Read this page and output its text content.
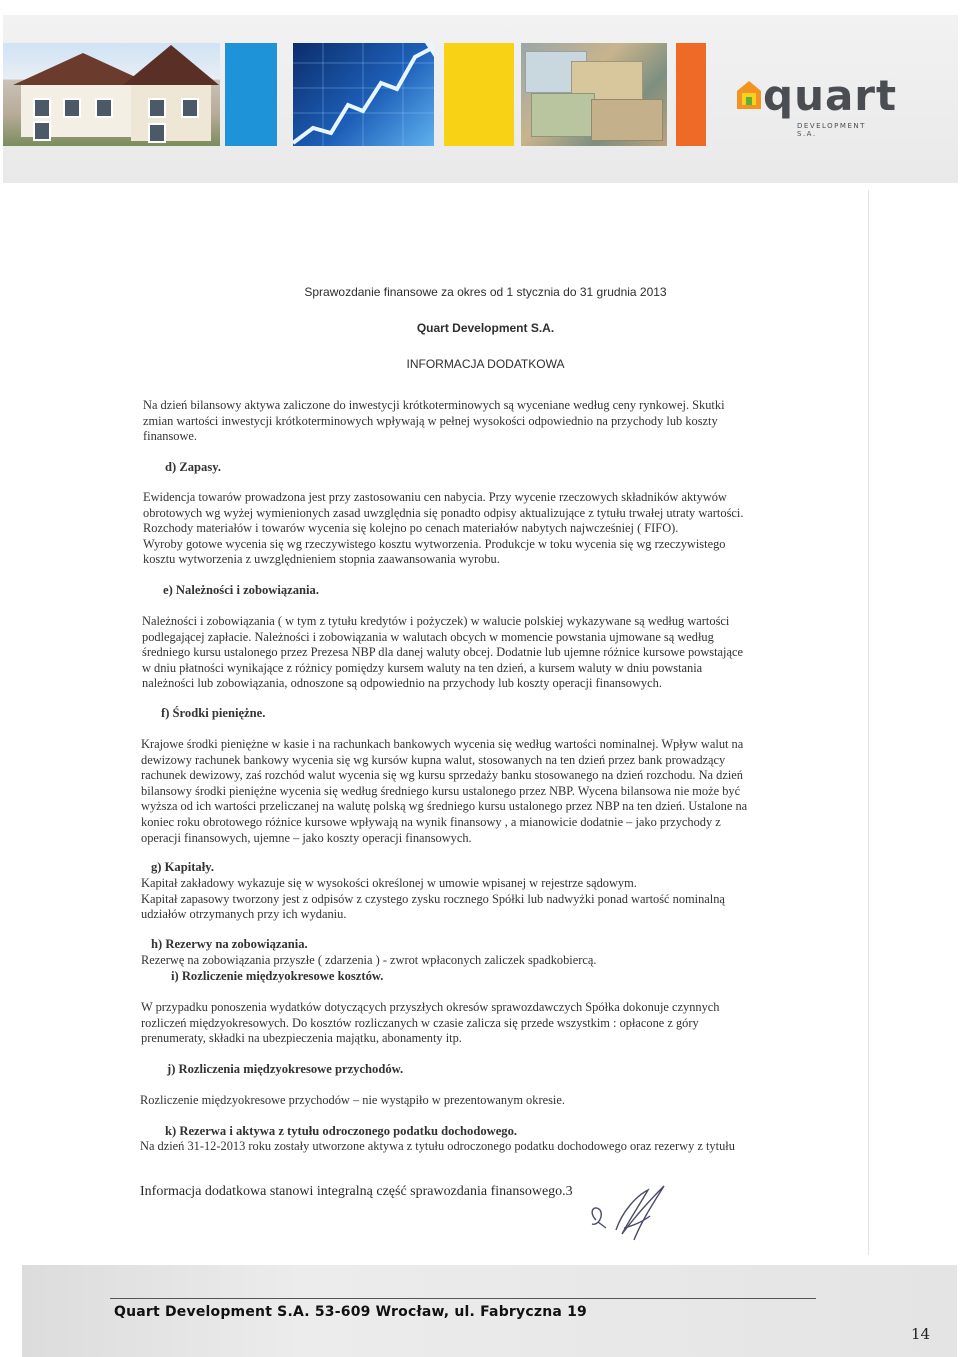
quart
DEVELOPMENT S.A.
Sprawozdanie finansowe za okres od 1 stycznia do 31 grudnia 2013
Quart Development S.A.
INFORMACJA DODATKOWA
Na dzień bilansowy aktywa zaliczone do inwestycji krótkoterminowych są wyceniane według ceny rynkowej. Skutki
zmian wartości inwestycji krótkoterminowych wpływają w pełnej wysokości odpowiednio na przychody lub koszty
finansowe.
d) Zapasy.
Ewidencja towarów prowadzona jest przy zastosowaniu cen nabycia. Przy wycenie rzeczowych składników aktywów
obrotowych wg wyżej wymienionych zasad uwzględnia się ponadto odpisy aktualizujące z tytułu trwałej utraty wartości.
Rozchody materiałów i towarów wycenia się kolejno po cenach materiałów nabytych najwcześniej ( FIFO).
Wyroby gotowe wycenia się wg rzeczywistego kosztu wytworzenia. Produkcje w toku wycenia się wg rzeczywistego
kosztu wytworzenia z uwzględnieniem stopnia zaawansowania wyrobu.
e) Należności i zobowiązania.
Należności i zobowiązania ( w tym z tytułu kredytów i pożyczek) w walucie polskiej wykazywane są według wartości
podlegającej zapłacie. Należności i zobowiązania w walutach obcych w momencie powstania ujmowane są według
średniego kursu ustalonego przez Prezesa NBP dla danej waluty obcej. Dodatnie lub ujemne różnice kursowe powstające
w dniu płatności wynikające z różnicy pomiędzy kursem waluty na ten dzień, a kursem waluty w dniu powstania
należności lub zobowiązania, odnoszone są odpowiednio na przychody lub koszty operacji finansowych.
f) Środki pieniężne.
Krajowe środki pieniężne w kasie i na rachunkach bankowych wycenia się według wartości nominalnej. Wpływ walut na
dewizowy rachunek bankowy wycenia się wg kursów kupna walut, stosowanych na ten dzień przez bank prowadzący
rachunek dewizowy, zaś rozchód walut wycenia się wg kursu sprzedaży banku stosowanego na dzień rozchodu. Na dzień
bilansowy środki pieniężne wycenia się według średniego kursu ustalonego przez NBP. Wycena bilansowa nie może być
wyższa od ich wartości przeliczanej na walutę polską wg średniego kursu ustalonego przez NBP na ten dzień. Ustalone na
koniec roku obrotowego różnice kursowe wpływają na wynik finansowy , a mianowicie dodatnie – jako przychody z
operacji finansowych, ujemne – jako koszty operacji finansowych.
g) Kapitały.
Kapitał zakładowy wykazuje się w wysokości określonej w umowie wpisanej w rejestrze sądowym.
Kapitał zapasowy tworzony jest z odpisów z czystego zysku rocznego Spółki lub nadwyżki ponad wartość nominalną
udziałów otrzymanych przy ich wydaniu.
h) Rezerwy na zobowiązania.
Rezerwę na zobowiązania przyszłe ( zdarzenia ) - zwrot wpłaconych zaliczek spadkobiercą.
i) Rozliczenie międzyokresowe kosztów.
W przypadku ponoszenia wydatków dotyczących przyszłych okresów sprawozdawczych Spółka dokonuje czynnych
rozliczeń międzyokresowych. Do kosztów rozliczanych w czasie zalicza się przede wszystkim : opłacone z góry
prenumeraty, składki na ubezpieczenia majątku, abonamenty itp.
j) Rozliczenia międzyokresowe przychodów.
Rozliczenie międzyokresowe przychodów – nie wystąpiło w prezentowanym okresie.
k) Rezerwa i aktywa z tytułu odroczonego podatku dochodowego.
Na dzień 31-12-2013 roku zostały utworzone aktywa z tytułu odroczonego podatku dochodowego oraz rezerwy z tytułu
Informacja dodatkowa stanowi integralną część sprawozdania finansowego.3
Quart Development S.A. 53-609 Wrocław, ul. Fabryczna 19
14
